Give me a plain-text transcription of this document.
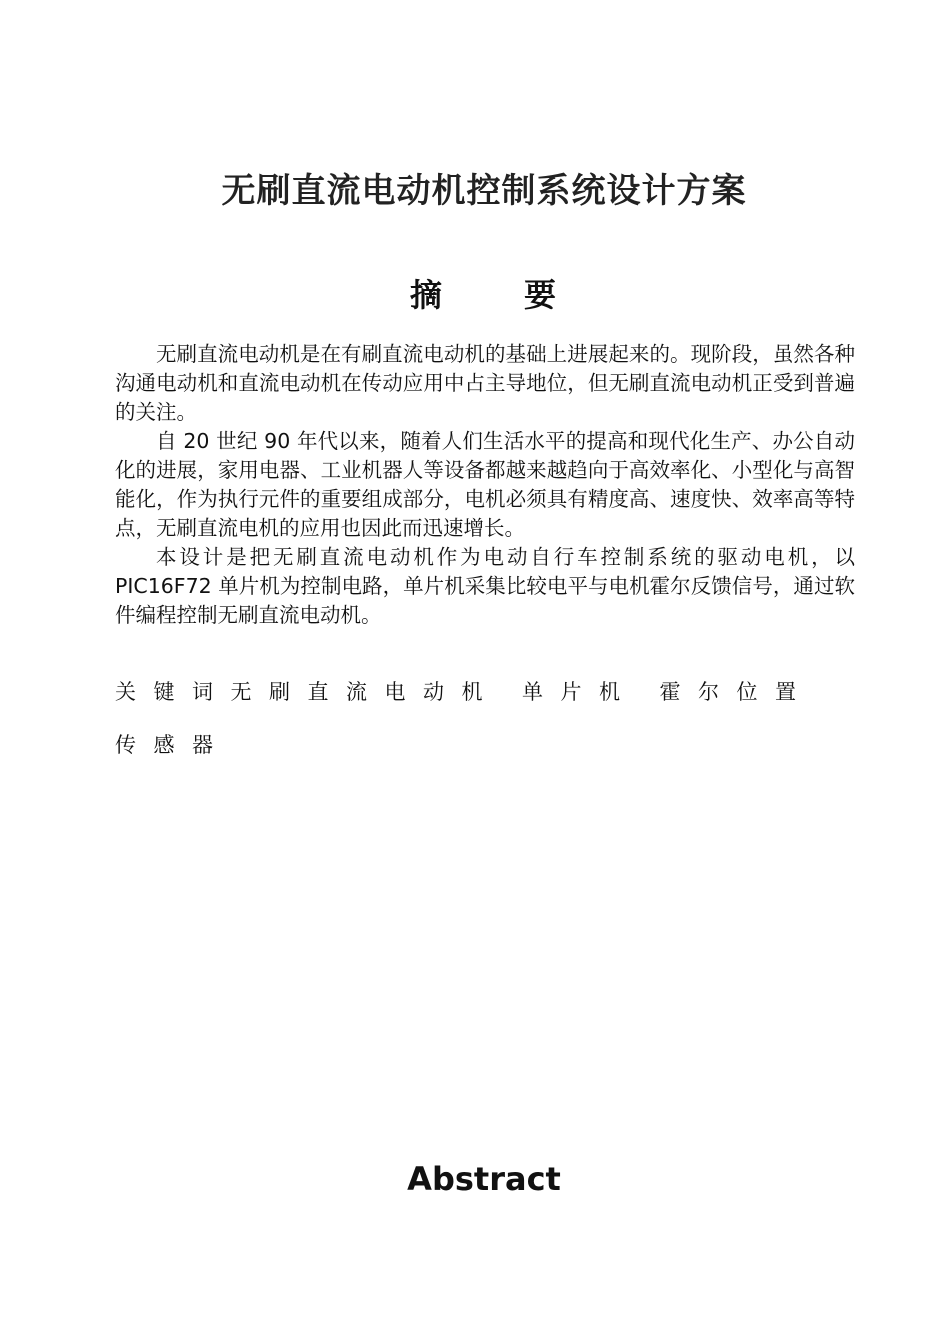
无刷直流电动机控制系统设计方案
摘要

无刷直流电动机是在有刷直流电动机的基础上进展起来的。现阶段，虽然各种沟通电动机和直流电动机在传动应用中占主导地位，但无刷直流电动机正受到普遍的关注。

自 20 世纪 90 年代以来，随着人们生活水平的提高和现代化生产、办公自动化的进展，家用电器、工业机器人等设备都越来越趋向于高效率化、小型化与高智能化，作为执行元件的重要组成部分，电机必须具有精度高、速度快、效率高等特点，无刷直流电机的应用也因此而迅速增长。

本设计是把无刷直流电动机作为电动自行车控制系统的驱动电机，以 PIC16F72 单片机为控制电路，单片机采集比较电平与电机霍尔反馈信号，通过软件编程控制无刷直流电动机。

关键词无刷直流电动机 单片机 霍尔位置传感器
Abstract
